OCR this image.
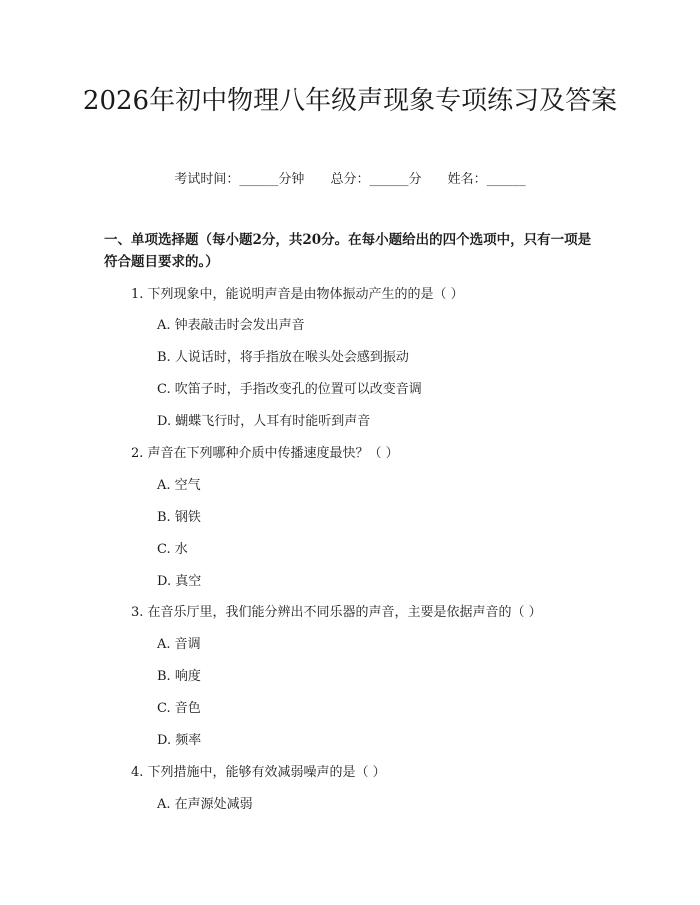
2026年初中物理八年级声现象专项练习及答案
考试时间：______分钟 总分：______分 姓名：______

一、单项选择题（每小题2分，共20分。在每小题给出的四个选项中，只有一项是符合题目要求的。）

1. 下列现象中，能说明声音是由物体振动产生的的是（ ）
A. 钟表敲击时会发出声音
B. 人说话时，将手指放在喉头处会感到振动
C. 吹笛子时，手指改变孔的位置可以改变音调
D. 蝴蝶飞行时，人耳有时能听到声音
2. 声音在下列哪种介质中传播速度最快？（ ）
A. 空气
B. 钢铁
C. 水
D. 真空
3. 在音乐厅里，我们能分辨出不同乐器的声音，主要是依据声音的（ ）
A. 音调
B. 响度
C. 音色
D. 频率
4. 下列措施中，能够有效减弱噪声的是（ ）
A. 在声源处减弱
